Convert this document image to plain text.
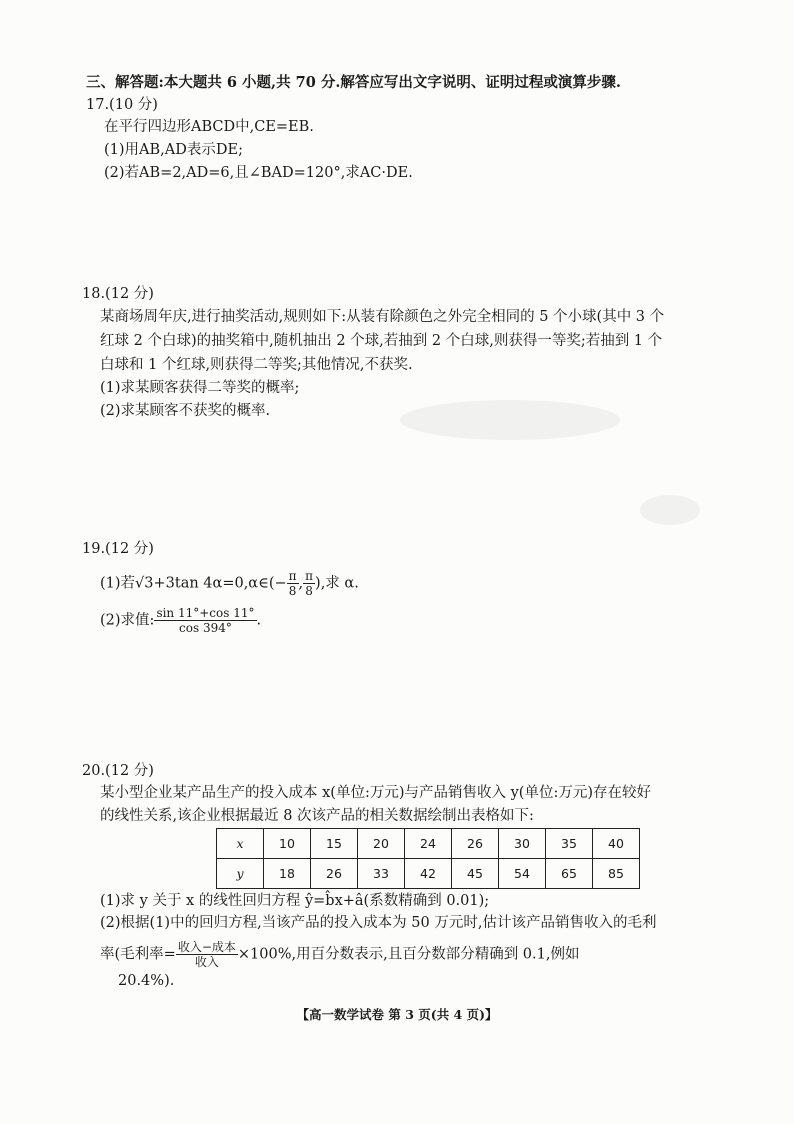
三、解答题:本大题共 6 小题,共 70 分.解答应写出文字说明、证明过程或演算步骤.
17.(10 分)
在平行四边形ABCD中,CE=EB.
(1)用AB,AD表示DE;
(2)若AB=2,AD=6,且∠BAD=120°,求AC·DE.
18.(12 分)
某商场周年庆,进行抽奖活动,规则如下:从装有除颜色之外完全相同的 5 个小球(其中 3 个
红球 2 个白球)的抽奖箱中,随机抽出 2 个球,若抽到 2 个白球,则获得一等奖;若抽到 1 个
白球和 1 个红球,则获得二等奖;其他情况,不获奖.
(1)求某顾客获得二等奖的概率;
(2)求某顾客不获奖的概率.
19.(12 分)
(1)若√3+3tan 4α=0,α∈(− $\frac{\pi}{8}$ , $\frac{\pi}{8}$ ),求 α.
(2)求值: $\frac{\sin 11^\circ+\cos 11^\circ}{\cos 394^\circ}$ .
20.(12 分)
某小型企业某产品生产的投入成本 x(单位:万元)与产品销售收入 y(单位:万元)存在较好
的线性关系,该企业根据最近 8 次该产品的相关数据绘制出表格如下:
x	10	15	20	24	26	30	35	40
y	18	26	33	42	45	54	65	85
(1)求 y 关于 x 的线性回归方程 ŷ=b̂x+â(系数精确到 0.01);
(2)根据(1)中的回归方程,当该产品的投入成本为 50 万元时,估计该产品销售收入的毛利
率(毛利率= $\frac{\text{收入−成本}}{\text{收入}} \times 100\%$,用百分数表示,且百分数部分精确到 0.1,例如
20.4%).
【高一数学试卷 第 3 页(共 4 页)】
